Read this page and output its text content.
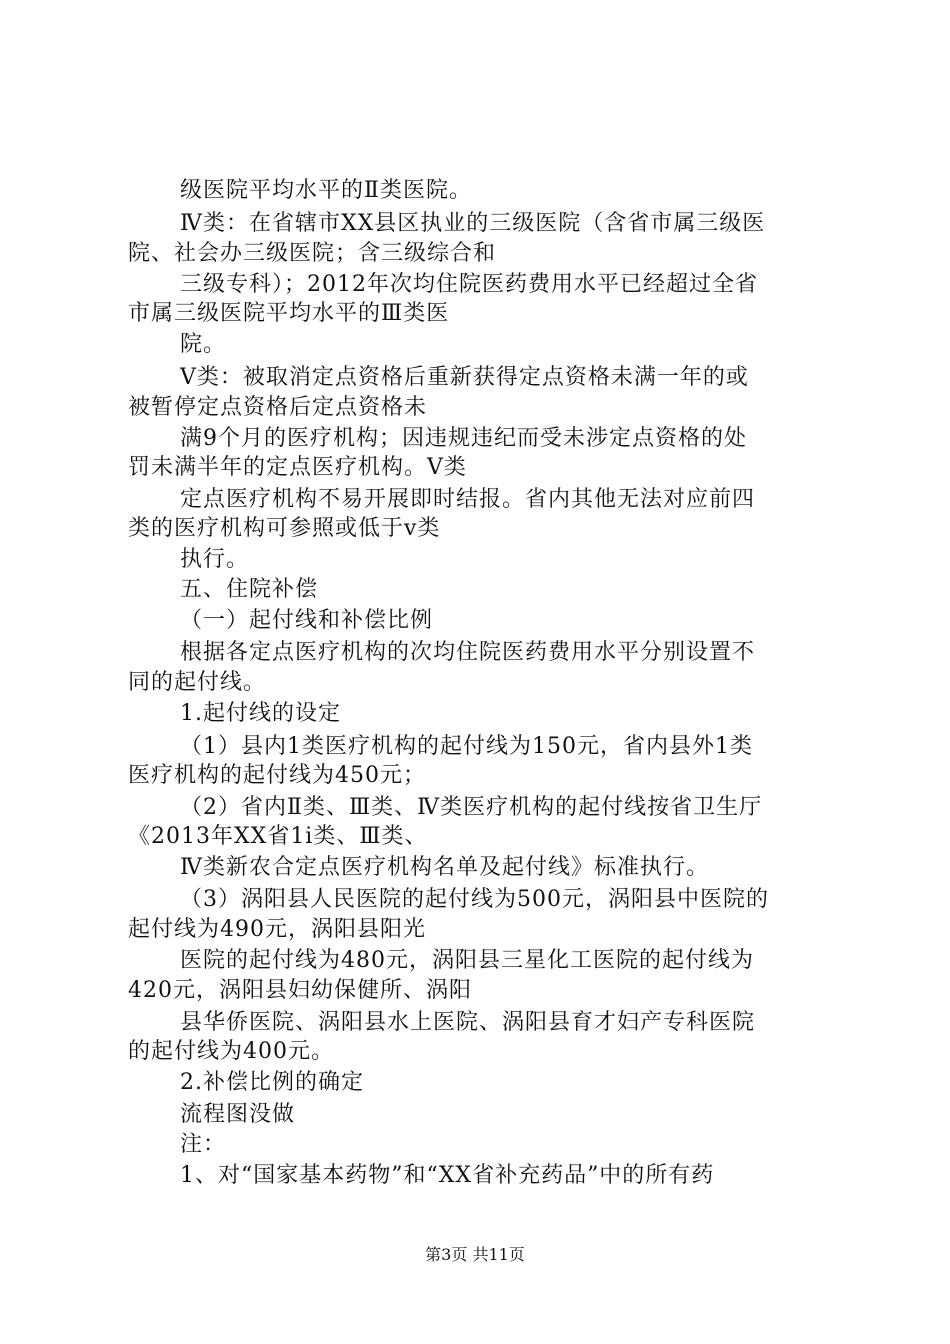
级医院平均水平的Ⅱ类医院。
Ⅳ类：在省辖市XX县区执业的三级医院（含省市属三级医
院、社会办三级医院；含三级综合和
三级专科）；2012年次均住院医药费用水平已经超过全省
市属三级医院平均水平的Ⅲ类医
院。
Ⅴ类：被取消定点资格后重新获得定点资格未满一年的或
被暂停定点资格后定点资格未
满9个月的医疗机构；因违规违纪而受未涉定点资格的处
罚未满半年的定点医疗机构。Ⅴ类
定点医疗机构不易开展即时结报。省内其他无法对应前四
类的医疗机构可参照或低于v类
执行。
五、住院补偿
（一）起付线和补偿比例
根据各定点医疗机构的次均住院医药费用水平分别设置不
同的起付线。
1.起付线的设定
（1）县内1类医疗机构的起付线为150元，省内县外1类
医疗机构的起付线为450元；
（2）省内Ⅱ类、Ⅲ类、Ⅳ类医疗机构的起付线按省卫生厅
《2013年XX省1i类、Ⅲ类、
Ⅳ类新农合定点医疗机构名单及起付线》标准执行。
（3）涡阳县人民医院的起付线为500元，涡阳县中医院的
起付线为490元，涡阳县阳光
医院的起付线为480元，涡阳县三星化工医院的起付线为
420元，涡阳县妇幼保健所、涡阳
县华侨医院、涡阳县水上医院、涡阳县育才妇产专科医院
的起付线为400元。
2.补偿比例的确定
流程图没做
注：
1、对“国家基本药物”和“XX省补充药品”中的所有药
第3页 共11页
